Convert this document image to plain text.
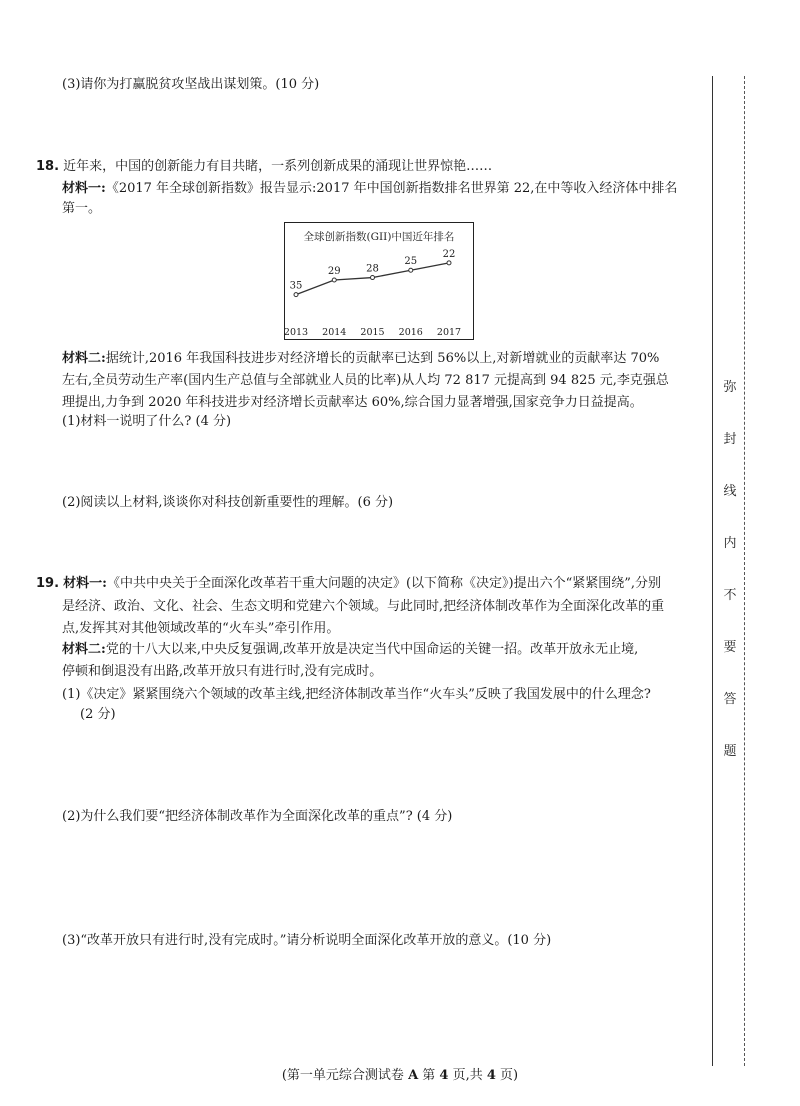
(3)请你为打赢脱贫攻坚战出谋划策。(10 分)
18. 近年来，中国的创新能力有目共睹，一系列创新成果的涌现让世界惊艳……
材料一:《2017 年全球创新指数》报告显示:2017 年中国创新指数排名世界第 22,在中等收入经济体中排名
第一。
全球创新指数(GII)中国近年排名
35
2013
29
2014
28
2015
25
2016
22
2017
材料二:据统计,2016 年我国科技进步对经济增长的贡献率已达到 56%以上,对新增就业的贡献率达 70%
左右,全员劳动生产率(国内生产总值与全部就业人员的比率)从人均 72 817 元提高到 94 825 元,李克强总
理提出,力争到 2020 年科技进步对经济增长贡献率达 60%,综合国力显著增强,国家竞争力日益提高。
(1)材料一说明了什么? (4 分)
(2)阅读以上材料,谈谈你对科技创新重要性的理解。(6 分)
19. 材料一:《中共中央关于全面深化改革若干重大问题的决定》(以下简称《决定》)提出六个“紧紧围绕”,分别
是经济、政治、文化、社会、生态文明和党建六个领域。与此同时,把经济体制改革作为全面深化改革的重
点,发挥其对其他领域改革的“火车头”牵引作用。
材料二:党的十八大以来,中央反复强调,改革开放是决定当代中国命运的关键一招。改革开放永无止境,
停顿和倒退没有出路,改革开放只有进行时,没有完成时。
(1)《决定》紧紧围绕六个领域的改革主线,把经济体制改革当作“火车头”反映了我国发展中的什么理念?
(2 分)
(2)为什么我们要“把经济体制改革作为全面深化改革的重点”? (4 分)
(3)“改革开放只有进行时,没有完成时。”请分析说明全面深化改革开放的意义。(10 分)
弥
封
线
内
不
要
答
题
(第一单元综合测试卷 A 第 4 页,共 4 页)
